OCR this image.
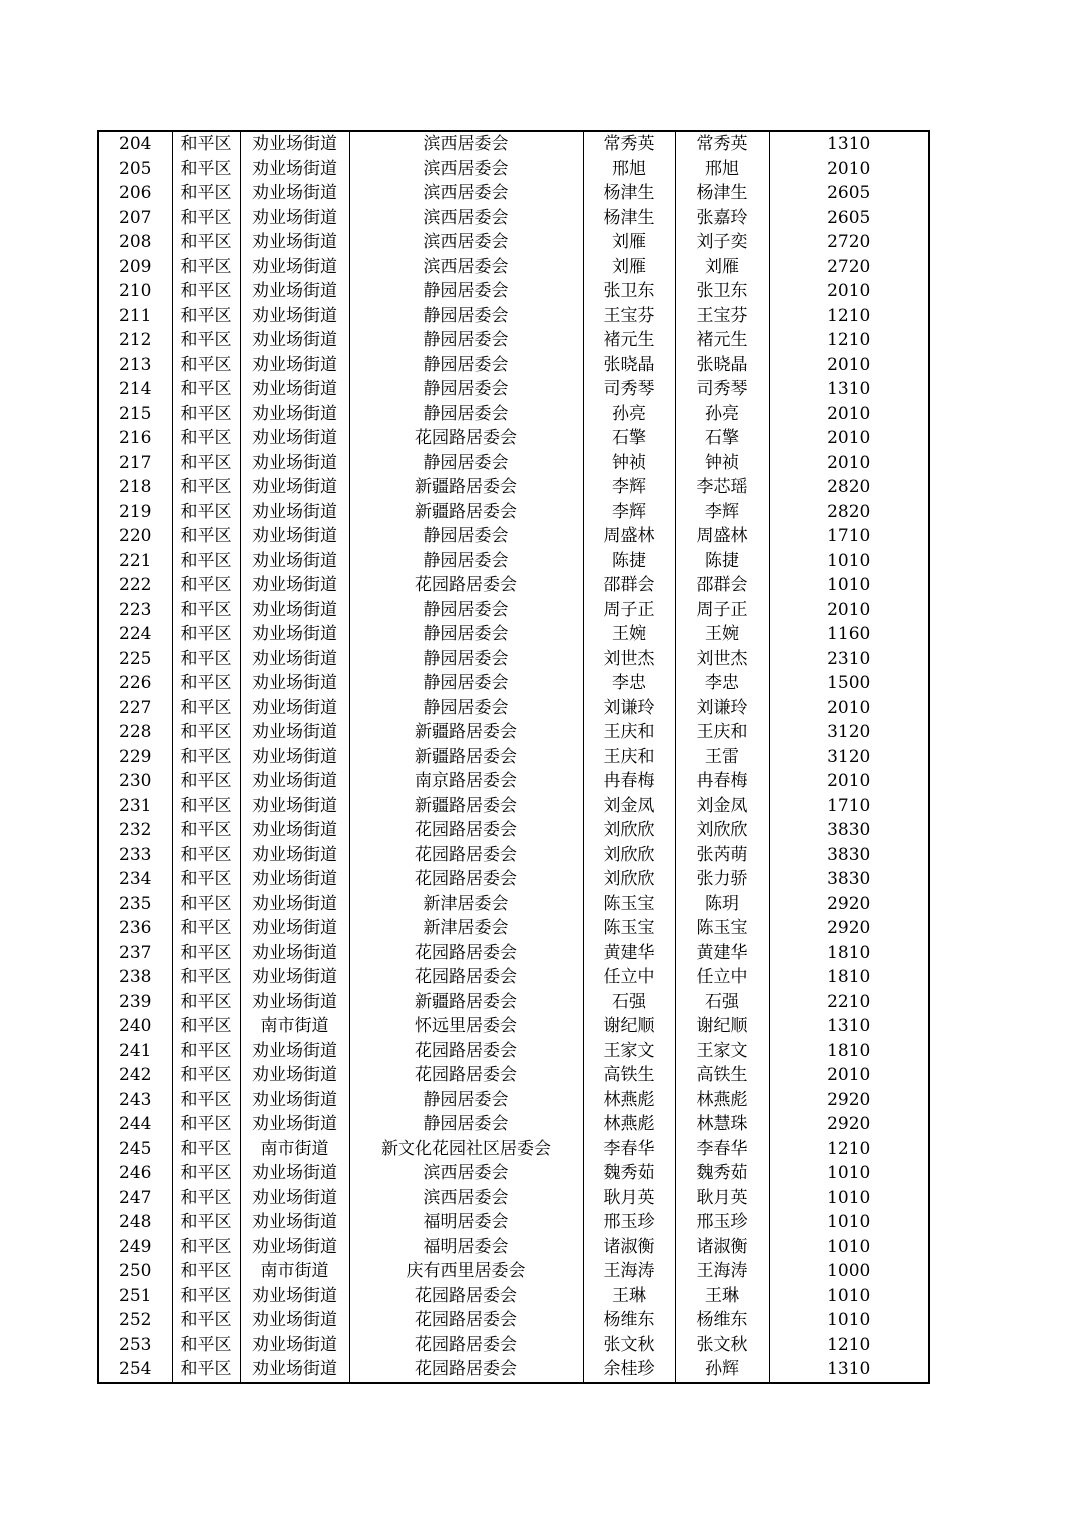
204	和平区	劝业场街道	滨西居委会	常秀英	常秀英	1310
205	和平区	劝业场街道	滨西居委会	邢旭	邢旭	2010
206	和平区	劝业场街道	滨西居委会	杨津生	杨津生	2605
207	和平区	劝业场街道	滨西居委会	杨津生	张嘉玲	2605
208	和平区	劝业场街道	滨西居委会	刘雁	刘子奕	2720
209	和平区	劝业场街道	滨西居委会	刘雁	刘雁	2720
210	和平区	劝业场街道	静园居委会	张卫东	张卫东	2010
211	和平区	劝业场街道	静园居委会	王宝芬	王宝芬	1210
212	和平区	劝业场街道	静园居委会	褚元生	褚元生	1210
213	和平区	劝业场街道	静园居委会	张晓晶	张晓晶	2010
214	和平区	劝业场街道	静园居委会	司秀琴	司秀琴	1310
215	和平区	劝业场街道	静园居委会	孙亮	孙亮	2010
216	和平区	劝业场街道	花园路居委会	石擎	石擎	2010
217	和平区	劝业场街道	静园居委会	钟祯	钟祯	2010
218	和平区	劝业场街道	新疆路居委会	李辉	李芯瑶	2820
219	和平区	劝业场街道	新疆路居委会	李辉	李辉	2820
220	和平区	劝业场街道	静园居委会	周盛林	周盛林	1710
221	和平区	劝业场街道	静园居委会	陈捷	陈捷	1010
222	和平区	劝业场街道	花园路居委会	邵群会	邵群会	1010
223	和平区	劝业场街道	静园居委会	周子正	周子正	2010
224	和平区	劝业场街道	静园居委会	王婉	王婉	1160
225	和平区	劝业场街道	静园居委会	刘世杰	刘世杰	2310
226	和平区	劝业场街道	静园居委会	李忠	李忠	1500
227	和平区	劝业场街道	静园居委会	刘谦玲	刘谦玲	2010
228	和平区	劝业场街道	新疆路居委会	王庆和	王庆和	3120
229	和平区	劝业场街道	新疆路居委会	王庆和	王雷	3120
230	和平区	劝业场街道	南京路居委会	冉春梅	冉春梅	2010
231	和平区	劝业场街道	新疆路居委会	刘金凤	刘金凤	1710
232	和平区	劝业场街道	花园路居委会	刘欣欣	刘欣欣	3830
233	和平区	劝业场街道	花园路居委会	刘欣欣	张芮萌	3830
234	和平区	劝业场街道	花园路居委会	刘欣欣	张力骄	3830
235	和平区	劝业场街道	新津居委会	陈玉宝	陈玥	2920
236	和平区	劝业场街道	新津居委会	陈玉宝	陈玉宝	2920
237	和平区	劝业场街道	花园路居委会	黄建华	黄建华	1810
238	和平区	劝业场街道	花园路居委会	任立中	任立中	1810
239	和平区	劝业场街道	新疆路居委会	石强	石强	2210
240	和平区	南市街道	怀远里居委会	谢纪顺	谢纪顺	1310
241	和平区	劝业场街道	花园路居委会	王家文	王家文	1810
242	和平区	劝业场街道	花园路居委会	高铁生	高铁生	2010
243	和平区	劝业场街道	静园居委会	林燕彪	林燕彪	2920
244	和平区	劝业场街道	静园居委会	林燕彪	林慧珠	2920
245	和平区	南市街道	新文化花园社区居委会	李春华	李春华	1210
246	和平区	劝业场街道	滨西居委会	魏秀茹	魏秀茹	1010
247	和平区	劝业场街道	滨西居委会	耿月英	耿月英	1010
248	和平区	劝业场街道	福明居委会	邢玉珍	邢玉珍	1010
249	和平区	劝业场街道	福明居委会	诸淑衡	诸淑衡	1010
250	和平区	南市街道	庆有西里居委会	王海涛	王海涛	1000
251	和平区	劝业场街道	花园路居委会	王琳	王琳	1010
252	和平区	劝业场街道	花园路居委会	杨维东	杨维东	1010
253	和平区	劝业场街道	花园路居委会	张文秋	张文秋	1210
254	和平区	劝业场街道	花园路居委会	余桂珍	孙辉	1310
